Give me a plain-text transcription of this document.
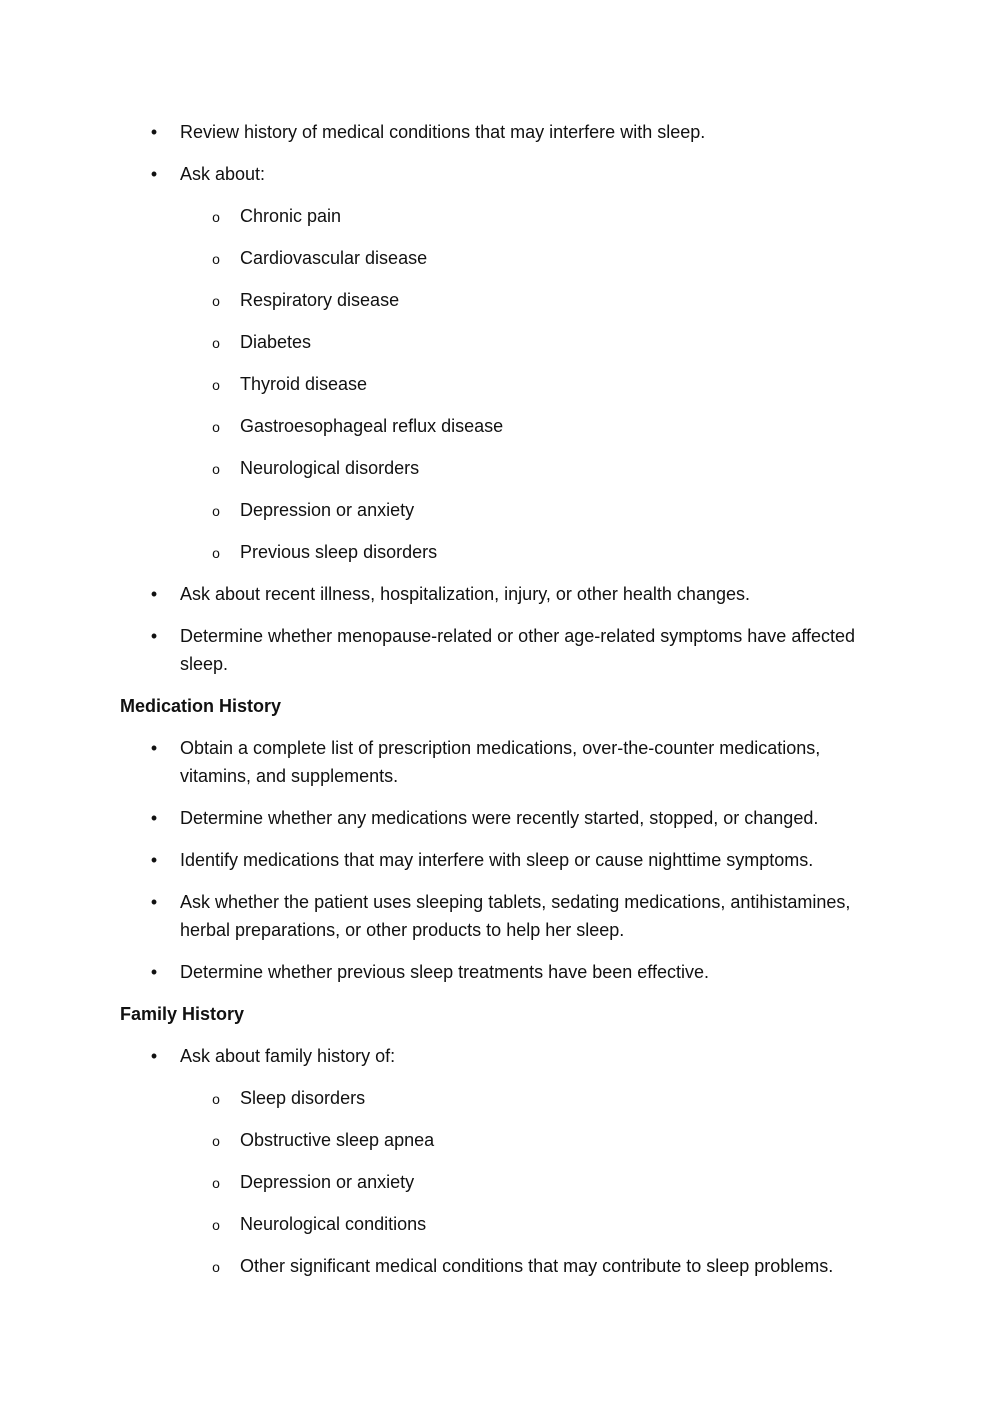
• Review history of medical conditions that may interfere with sleep.
• Ask about:
o Chronic pain
o Cardiovascular disease
o Respiratory disease
o Diabetes
o Thyroid disease
o Gastroesophageal reflux disease
o Neurological disorders
o Depression or anxiety
o Previous sleep disorders
• Ask about recent illness, hospitalization, injury, or other health changes.
• Determine whether menopause-related or other age-related symptoms have affected sleep.
Medication History
• Obtain a complete list of prescription medications, over-the-counter medications, vitamins, and supplements.
• Determine whether any medications were recently started, stopped, or changed.
• Identify medications that may interfere with sleep or cause nighttime symptoms.
• Ask whether the patient uses sleeping tablets, sedating medications, antihistamines, herbal preparations, or other products to help her sleep.
• Determine whether previous sleep treatments have been effective.
Family History
• Ask about family history of:
o Sleep disorders
o Obstructive sleep apnea
o Depression or anxiety
o Neurological conditions
o Other significant medical conditions that may contribute to sleep problems.
